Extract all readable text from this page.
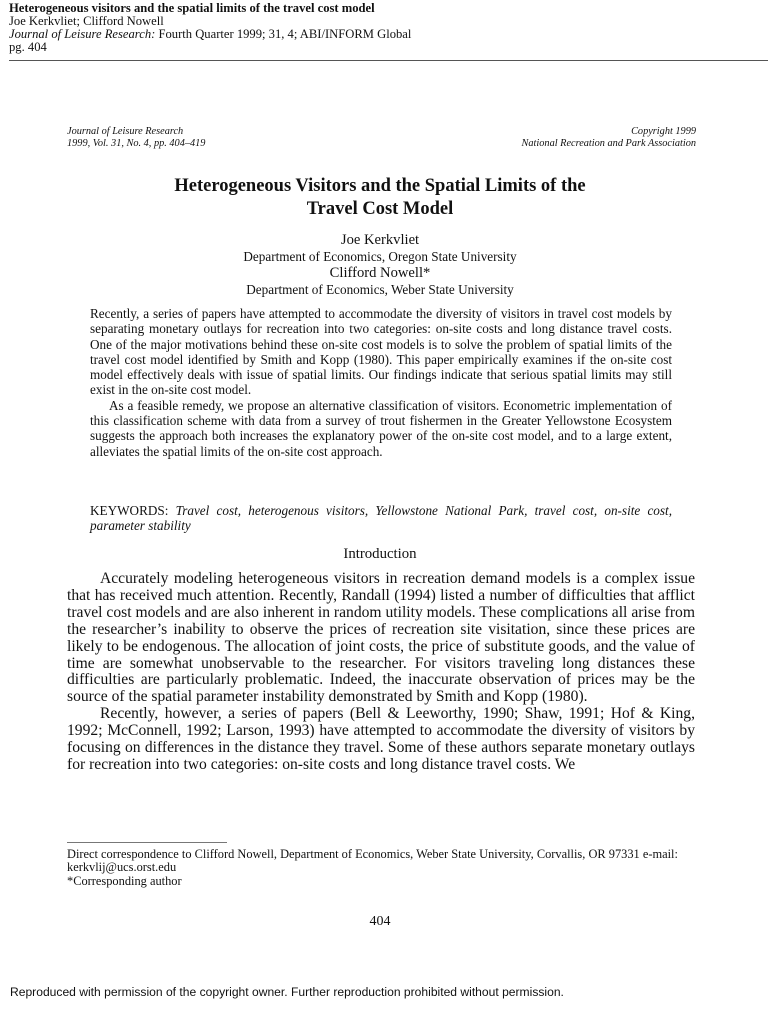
Heterogeneous visitors and the spatial limits of the travel cost model
Joe Kerkvliet; Clifford Nowell
Journal of Leisure Research: Fourth Quarter 1999; 31, 4; ABI/INFORM Global
pg. 404
Journal of Leisure Research
1999, Vol. 31, No. 4, pp. 404–419
Copyright 1999
National Recreation and Park Association
Heterogeneous Visitors and the Spatial Limits of the
Travel Cost Model
Joe Kerkvliet
Department of Economics, Oregon State University
Clifford Nowell*
Department of Economics, Weber State University

Recently, a series of papers have attempted to accommodate the diversity of visitors in travel cost models by separating monetary outlays for recreation into two categories: on-site costs and long distance travel costs. One of the major motivations behind these on-site cost models is to solve the problem of spatial limits of the travel cost model identified by Smith and Kopp (1980). This paper empirically examines if the on-site cost model effectively deals with issue of spatial limits. Our findings indicate that serious spatial limits may still exist in the on-site cost model.

As a feasible remedy, we propose an alternative classification of visitors. Econometric implementation of this classification scheme with data from a survey of trout fishermen in the Greater Yellowstone Ecosystem suggests the approach both increases the explanatory power of the on-site cost model, and to a large extent, alleviates the spatial limits of the on-site cost approach.

KEYWORDS: Travel cost, heterogenous visitors, Yellowstone National Park, travel cost, on-site cost, parameter stability
Introduction

Accurately modeling heterogeneous visitors in recreation demand models is a complex issue that has received much attention. Recently, Randall (1994) listed a number of difficulties that afflict travel cost models and are also inherent in random utility models. These complications all arise from the researcher’s inability to observe the prices of recreation site visitation, since these prices are likely to be endogenous. The allocation of joint costs, the price of substitute goods, and the value of time are somewhat unobservable to the researcher. For visitors traveling long distances these difficulties are particularly problematic. Indeed, the inaccurate observation of prices may be the source of the spatial parameter instability demonstrated by Smith and Kopp (1980).

Recently, however, a series of papers (Bell & Leeworthy, 1990; Shaw, 1991; Hof & King, 1992; McConnell, 1992; Larson, 1993) have attempted to accommodate the diversity of visitors by focusing on differences in the distance they travel. Some of these authors separate monetary outlays for recreation into two categories: on-site costs and long distance travel costs. We

Direct correspondence to Clifford Nowell, Department of Economics, Weber State University, Corvallis, OR 97331 e-mail: kerkvlij@ucs.orst.edu

*Corresponding author

404
Reproduced with permission of the copyright owner. Further reproduction prohibited without permission.
